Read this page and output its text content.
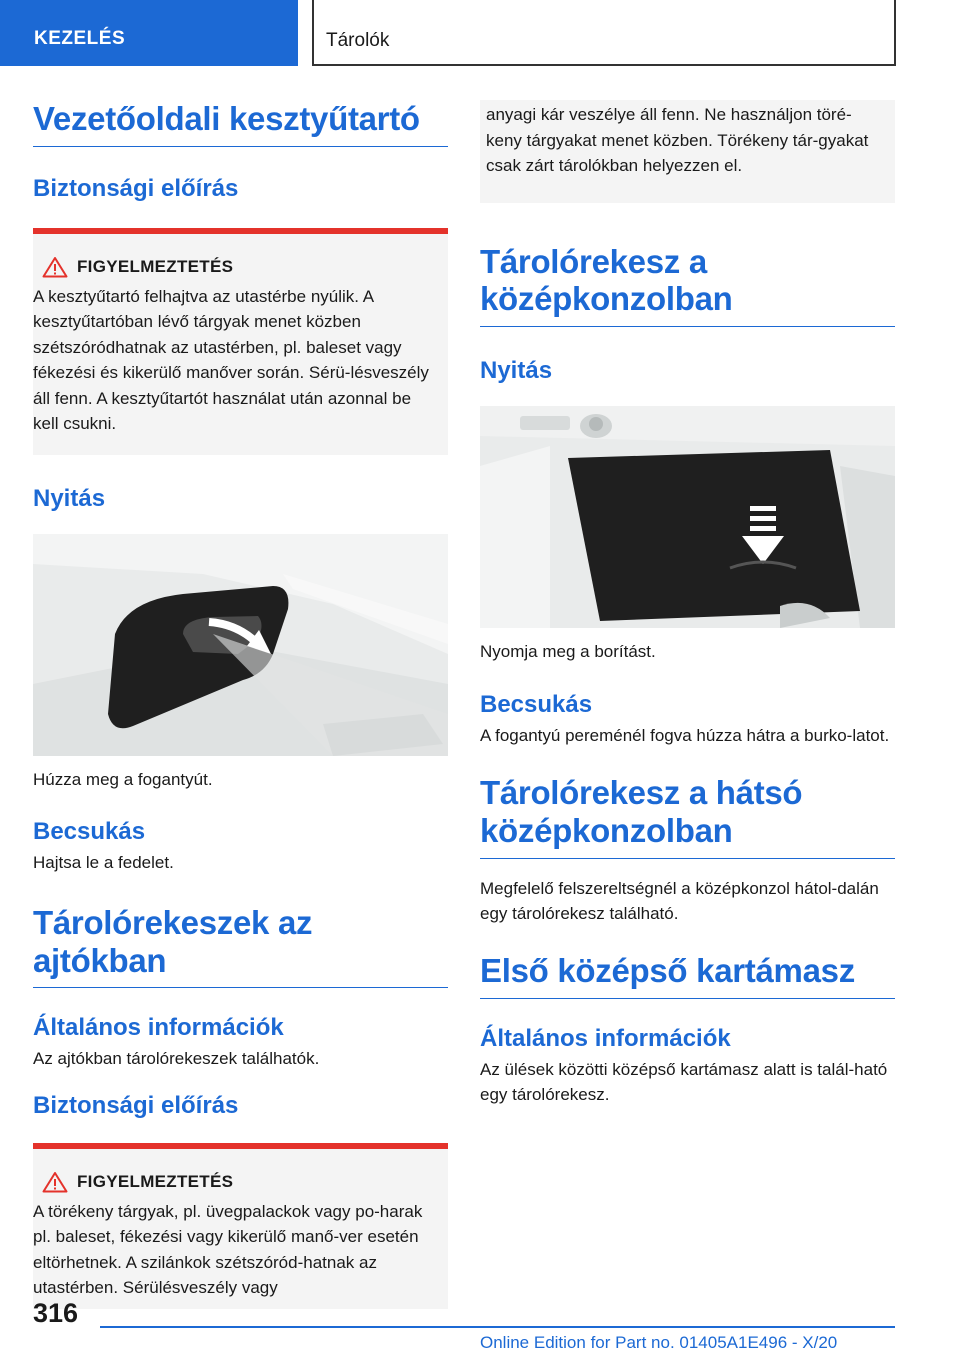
KEZELÉS	Tárolók
Vezetőoldali kesztyűtartó
Biztonsági előírás
FIGYELMEZTETÉS
A kesztyűtartó felhajtva az utastérbe nyúlik. A kesztyűtartóban lévő tárgyak menet közben szétszóródhatnak az utastérben, pl. baleset vagy fékezési és kikerülő manőver során. Sérü-lésveszély áll fenn. A kesztyűtartót használat után azonnal be kell csukni.
Nyitás
Húzza meg a fogantyút.
Becsukás
Hajtsa le a fedelet.
Tárolórekeszek az ajtókban
Általános információk
Az ajtókban tárolórekeszek találhatók.
Biztonsági előírás
FIGYELMEZTETÉS
A törékeny tárgyak, pl. üvegpalackok vagy po-harak pl. baleset, fékezési vagy kikerülő manő-ver esetén eltörhetnek. A szilánkok szétszóród-hatnak az utastérben. Sérülésveszély vagy
anyagi kár veszélye áll fenn. Ne használjon töré-keny tárgyakat menet közben. Törékeny tár-gyakat csak zárt tárolókban helyezzen el.
Tárolórekesz a középkonzolban
Nyitás
Nyomja meg a borítást.
Becsukás
A fogantyú pereménél fogva húzza hátra a burko-latot.
Tárolórekesz a hátsó középkonzolban
Megfelelő felszereltségnél a középkonzol hátol-dalán egy tárolórekesz található.
Első középső kartámasz
Általános információk
Az ülések közötti középső kartámasz alatt is talál-ható egy tárolórekesz.
316
Online Edition for Part no. 01405A1E496 - X/20
